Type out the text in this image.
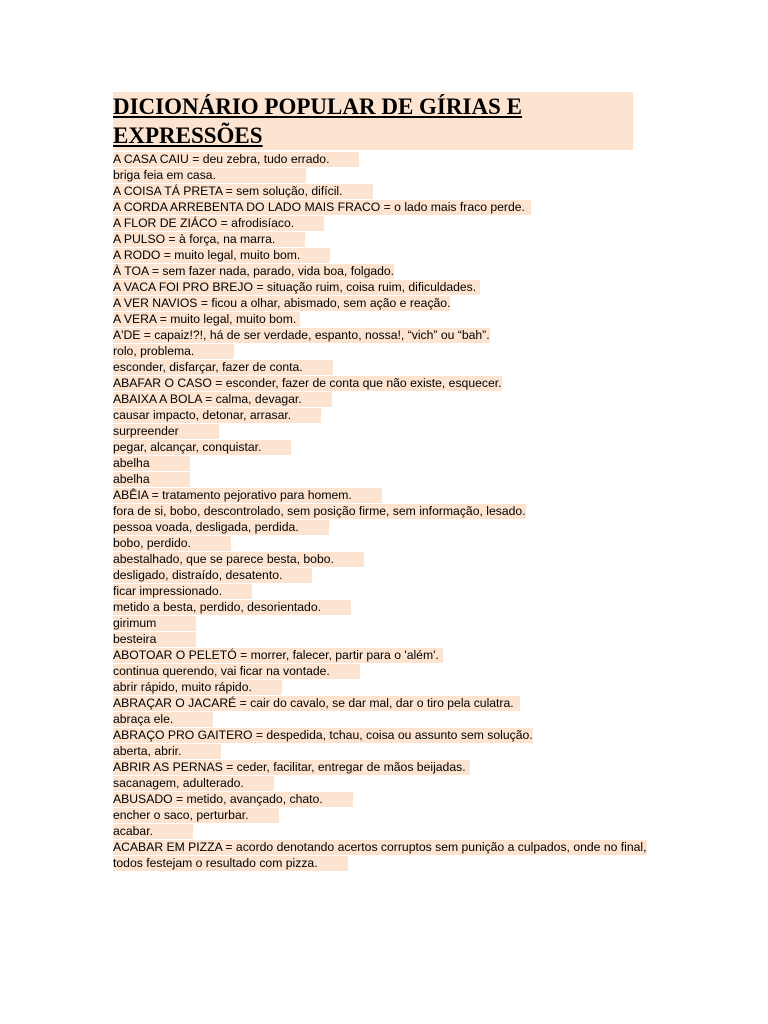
DICIONÁRIO POPULAR DE GÍRIAS E
EXPRESSÕES
A CASA CAIU = deu zebra, tudo errado.
briga feia em casa.
A COISA TÁ PRETA = sem solução, difícil.
A CORDA ARREBENTA DO LADO MAIS FRACO = o lado mais fraco perde.
A FLOR DE ZIÁCO = afrodisíaco.
A PULSO = à força, na marra.
A RODO = muito legal, muito bom.
À TOA = sem fazer nada, parado, vida boa, folgado.
A VACA FOI PRO BREJO = situação ruim, coisa ruim, dificuldades.
A VER NAVIOS = ficou a olhar, abismado, sem ação e reação.
A VERA = muito legal, muito bom.
A'DE = capaiz!?!, há de ser verdade, espanto, nossa!, “vich” ou “bah”.
rolo, problema.
esconder, disfarçar, fazer de conta.
ABAFAR O CASO = esconder, fazer de conta que não existe, esquecer.
ABAIXA A BOLA = calma, devagar.
causar impacto, detonar, arrasar.
surpreender
pegar, alcançar, conquistar.
abelha
abelha
ABÊIA = tratamento pejorativo para homem.
fora de si, bobo, descontrolado, sem posição firme, sem informação, lesado.
pessoa voada, desligada, perdida.
bobo, perdido.
abestalhado, que se parece besta, bobo.
desligado, distraído, desatento.
ficar impressionado.
metido a besta, perdido, desorientado.
girimum
besteira
ABOTOAR O PELETÓ = morrer, falecer, partir para o 'além'.
continua querendo, vai ficar na vontade.
abrir rápido, muito rápido.
ABRAÇAR O JACARÉ = cair do cavalo, se dar mal, dar o tiro pela culatra.
abraça ele.
ABRAÇO PRO GAITERO = despedida, tchau, coisa ou assunto sem solução.
aberta, abrir.
ABRIR AS PERNAS = ceder, facilitar, entregar de mãos beijadas.
sacanagem, adulterado.
ABUSADO = metido, avançado, chato.
encher o saco, perturbar.
acabar.
ACABAR EM PIZZA = acordo denotando acertos corruptos sem punição a culpados, onde no final,
todos festejam o resultado com pizza.
